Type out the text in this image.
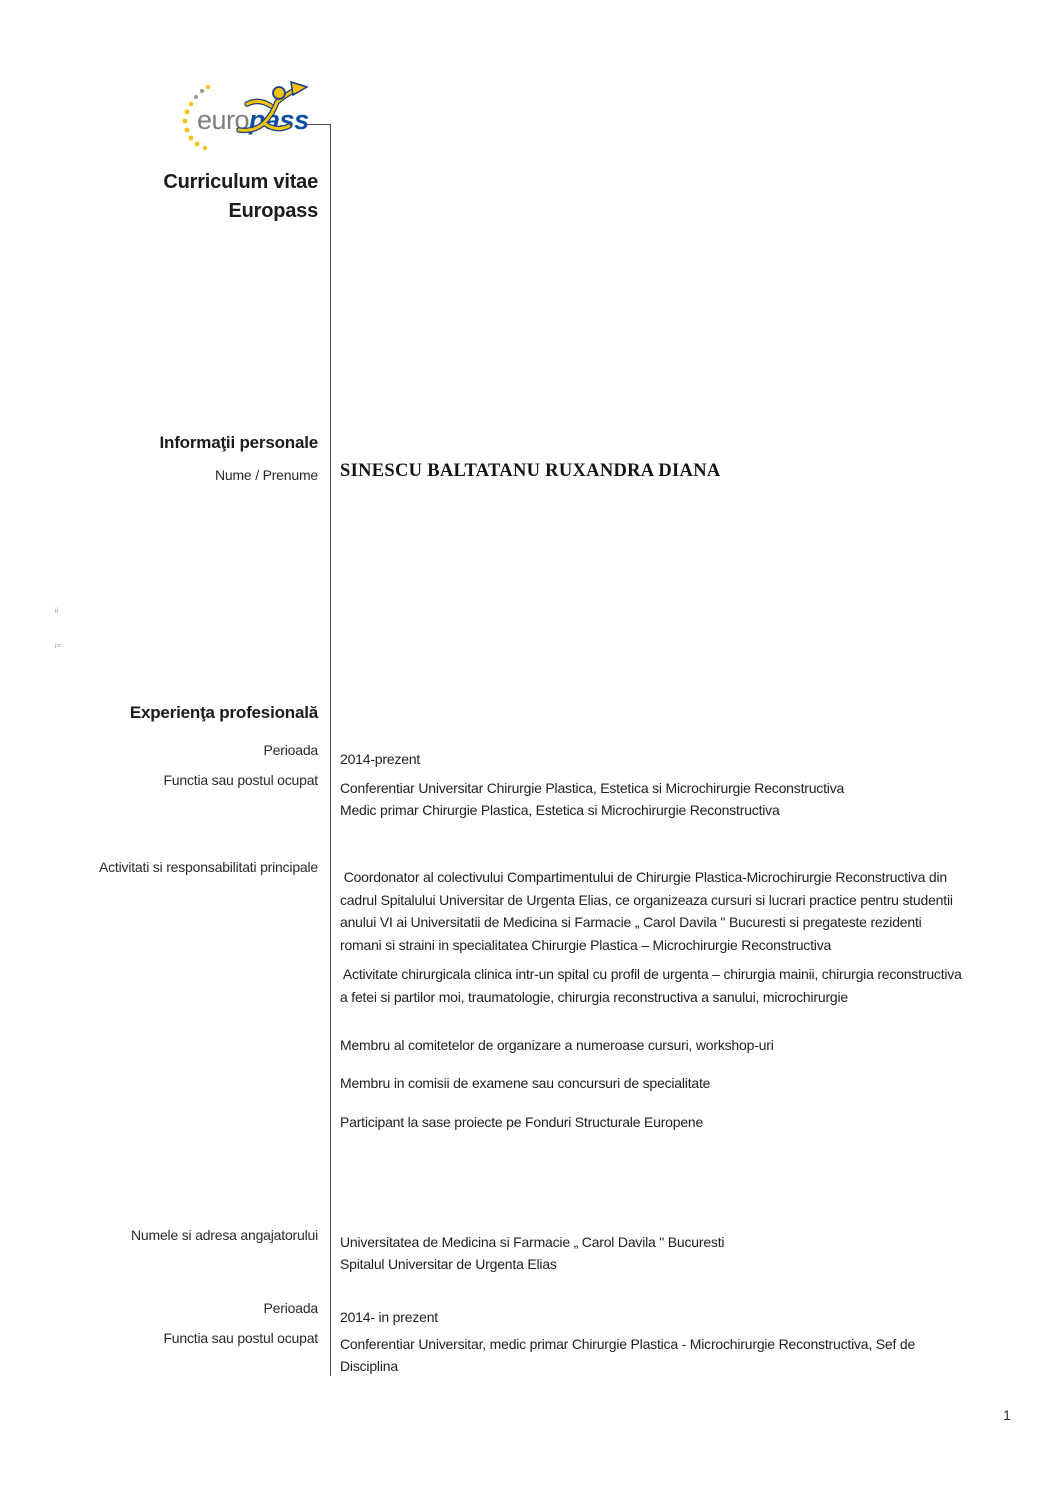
europass
Curriculum vitae
Europass
Informaţii personale
Nume / Prenume SINESCU BALTATANU RUXANDRA DIANA
ii
i=
Experienţa profesională
Perioada
2014-prezent
Functia sau postul ocupat Conferentiar Universitar Chirurgie Plastica, Estetica si Microchirurgie Reconstructiva
Medic primar Chirurgie Plastica, Estetica si Microchirurgie Reconstructiva
Activitati si responsabilitati principale
Coordonator al colectivului Compartimentului de Chirurgie Plastica-Microchirurgie Reconstructiva din
cadrul Spitalului Universitar de Urgenta Elias, ce organizeaza cursuri si lucrari practice pentru studentii
anului VI ai Universitatii de Medicina si Farmacie „ Carol Davila " Bucuresti si pregateste rezidenti
romani si straini in specialitatea Chirurgie Plastica – Microchirurgie Reconstructiva
Activitate chirurgicala clinica intr-un spital cu profil de urgenta – chirurgia mainii, chirurgia reconstructiva
a fetei si partilor moi, traumatologie, chirurgia reconstructiva a sanului, microchirurgie
Membru al comitetelor de organizare a numeroase cursuri, workshop-uri
Membru in comisii de examene sau concursuri de specialitate
Participant la sase proiecte pe Fonduri Structurale Europene
Numele si adresa angajatorului Universitatea de Medicina si Farmacie „ Carol Davila " Bucuresti
Spitalul Universitar de Urgenta Elias
Perioada
2014- in prezent
Functia sau postul ocupat Conferentiar Universitar, medic primar Chirurgie Plastica - Microchirurgie Reconstructiva, Sef de
Disciplina
1
